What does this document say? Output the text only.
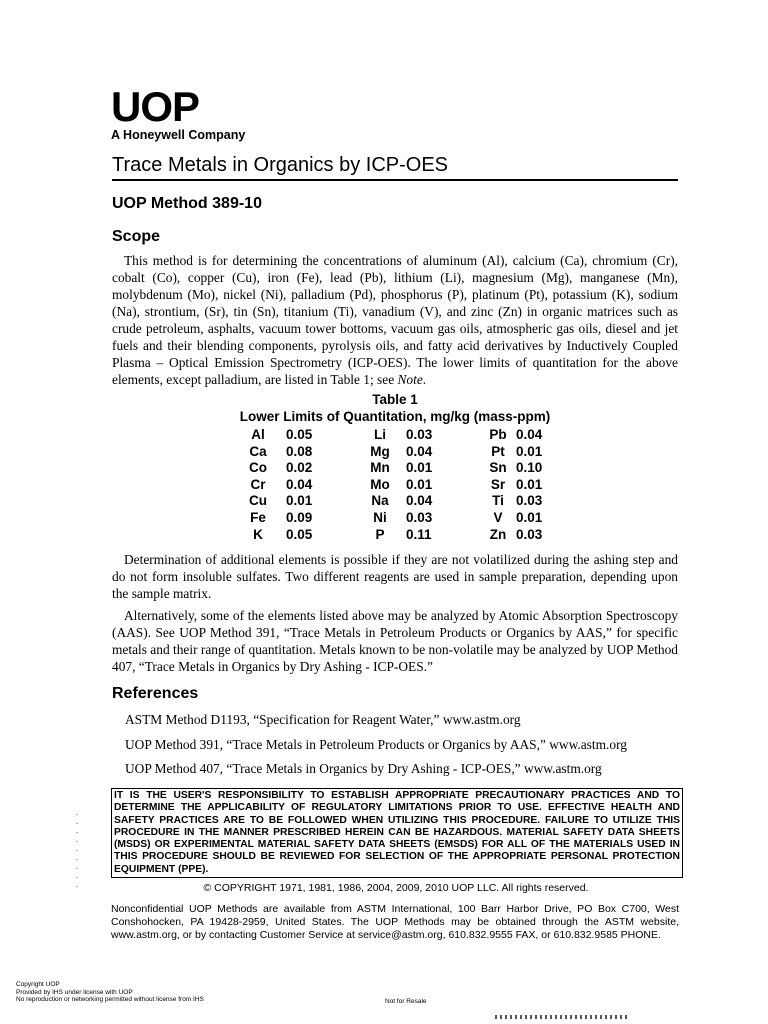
UOP
A Honeywell Company
Trace Metals in Organics by ICP-OES
UOP Method 389-10
Scope
This method is for determining the concentrations of aluminum (Al), calcium (Ca), chromium (Cr), cobalt (Co), copper (Cu), iron (Fe), lead (Pb), lithium (Li), magnesium (Mg), manganese (Mn), molybdenum (Mo), nickel (Ni), palladium (Pd), phosphorus (P), platinum (Pt), potassium (K), sodium (Na), strontium, (Sr), tin (Sn), titanium (Ti), vanadium (V), and zinc (Zn) in organic matrices such as crude petroleum, asphalts, vacuum tower bottoms, vacuum gas oils, atmospheric gas oils, diesel and jet fuels and their blending components, pyrolysis oils, and fatty acid derivatives by Inductively Coupled Plasma – Optical Emission Spectrometry (ICP-OES). The lower limits of quantitation for the above elements, except palladium, are listed in Table 1; see Note.
Table 1
Lower Limits of Quantitation, mg/kg (mass-ppm)
Al	0.05	Li	0.03	Pb 0.04
Ca	0.08	Mg	0.04	Pt 0.01
Co	0.02	Mn	0.01	Sn 0.10
Cr	0.04	Mo	0.01	Sr 0.01
Cu	0.01	Na	0.04	Ti 0.03
Fe	0.09	Ni	0.03	V	0.01
K	0.05	P	0.11	Zn 0.03
Determination of additional elements is possible if they are not volatilized during the ashing step and do not form insoluble sulfates. Two different reagents are used in sample preparation, depending upon the sample matrix.
Alternatively, some of the elements listed above may be analyzed by Atomic Absorption Spectroscopy (AAS). See UOP Method 391, “Trace Metals in Petroleum Products or Organics by AAS,” for specific metals and their range of quantitation. Metals known to be non-volatile may be analyzed by UOP Method 407, “Trace Metals in Organics by Dry Ashing - ICP-OES.”
References
ASTM Method D1193, “Specification for Reagent Water,” www.astm.org
UOP Method 391, “Trace Metals in Petroleum Products or Organics by AAS,” www.astm.org
UOP Method 407, “Trace Metals in Organics by Dry Ashing - ICP-OES,” www.astm.org
IT IS THE USER'S RESPONSIBILITY TO ESTABLISH APPROPRIATE PRECAUTIONARY PRACTICES AND TO DETERMINE THE APPLICABILITY OF REGULATORY LIMITATIONS PRIOR TO USE. EFFECTIVE HEALTH AND SAFETY PRACTICES ARE TO BE FOLLOWED WHEN UTILIZING THIS PROCEDURE. FAILURE TO UTILIZE THIS PROCEDURE IN THE MANNER PRESCRIBED HEREIN CAN BE HAZARDOUS. MATERIAL SAFETY DATA SHEETS (MSDS) OR EXPERIMENTAL MATERIAL SAFETY DATA SHEETS (EMSDS) FOR ALL OF THE MATERIALS USED IN THIS PROCEDURE SHOULD BE REVIEWED FOR SELECTION OF THE APPROPRIATE PERSONAL PROTECTION EQUIPMENT (PPE).
© COPYRIGHT 1971, 1981, 1986, 2004, 2009, 2010 UOP LLC. All rights reserved.
Nonconfidential UOP Methods are available from ASTM International, 100 Barr Harbor Drive, PO Box C700, West Conshohocken, PA 19428-2959, United States. The UOP Methods may be obtained through the ASTM website, www.astm.org, or by contacting Customer Service at service@astm.org, 610.832.9555 FAX, or 610.832.9585 PHONE.
Copyright UOP
Provided by IHS under license with UOP
No reproduction or networking permitted without license from IHS	Not for Resale
